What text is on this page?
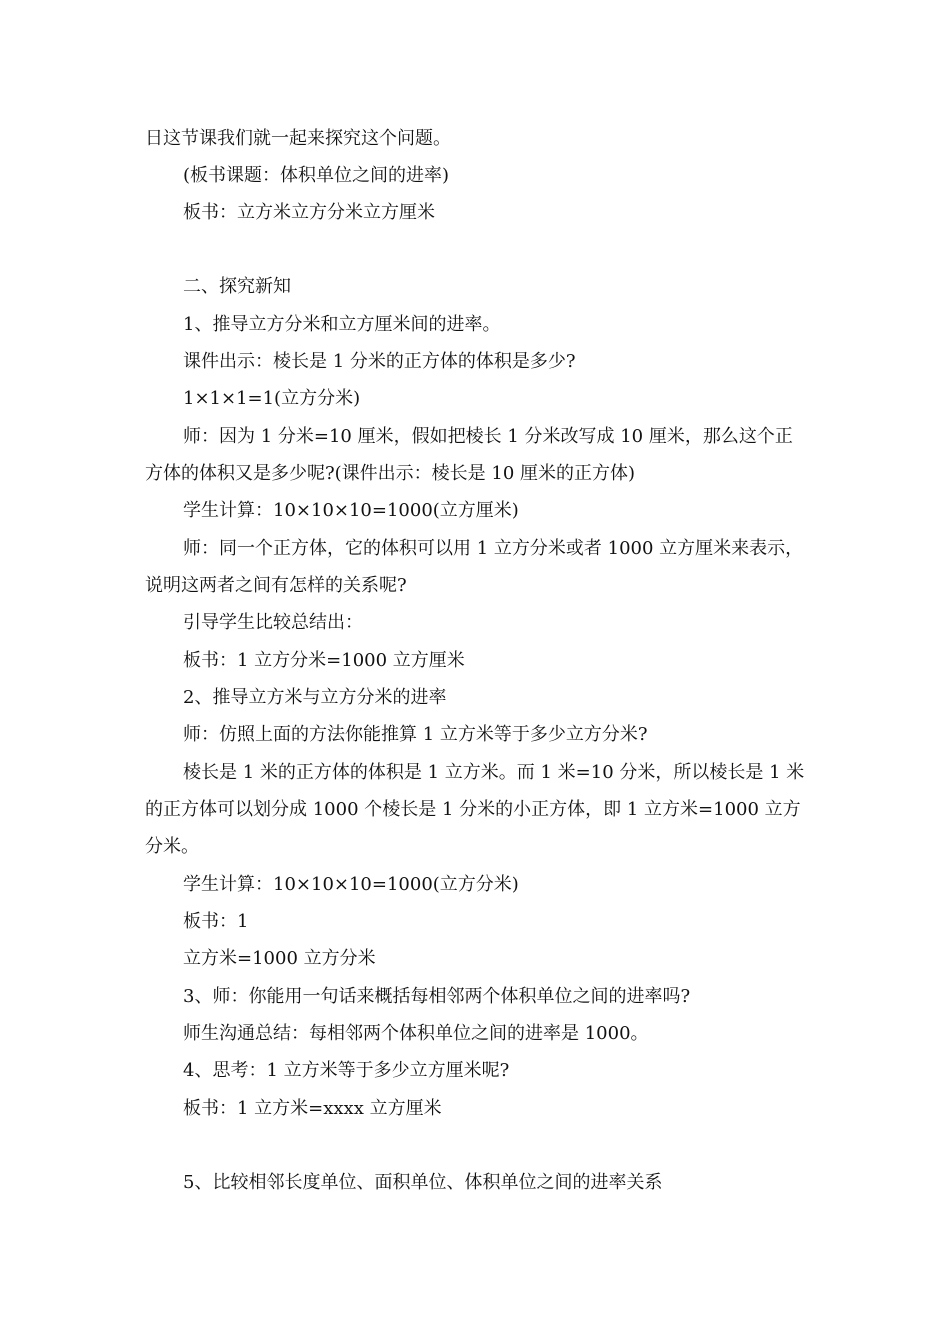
日这节课我们就一起来探究这个问题。
(板书课题：体积单位之间的进率)
板书：立方米立方分米立方厘米
二、探究新知
1、推导立方分米和立方厘米间的进率。
课件出示：棱长是 1 分米的正方体的体积是多少?
1×1×1=1(立方分米)
师：因为 1 分米=10 厘米，假如把棱长 1 分米改写成 10 厘米，那么这个正
方体的体积又是多少呢?(课件出示：棱长是 10 厘米的正方体)
学生计算：10×10×10=1000(立方厘米)
师：同一个正方体，它的体积可以用 1 立方分米或者 1000 立方厘米来表示，
说明这两者之间有怎样的关系呢?
引导学生比较总结出：
板书：1 立方分米=1000 立方厘米
2、推导立方米与立方分米的进率
师：仿照上面的方法你能推算 1 立方米等于多少立方分米?
棱长是 1 米的正方体的体积是 1 立方米。而 1 米=10 分米，所以棱长是 1 米
的正方体可以划分成 1000 个棱长是 1 分米的小正方体，即 1 立方米=1000 立方
分米。
学生计算：10×10×10=1000(立方分米)
板书：1
立方米=1000 立方分米
3、师：你能用一句话来概括每相邻两个体积单位之间的进率吗?
师生沟通总结：每相邻两个体积单位之间的进率是 1000。
4、思考：1 立方米等于多少立方厘米呢?
板书：1 立方米=xxxx 立方厘米
5、比较相邻长度单位、面积单位、体积单位之间的进率关系
